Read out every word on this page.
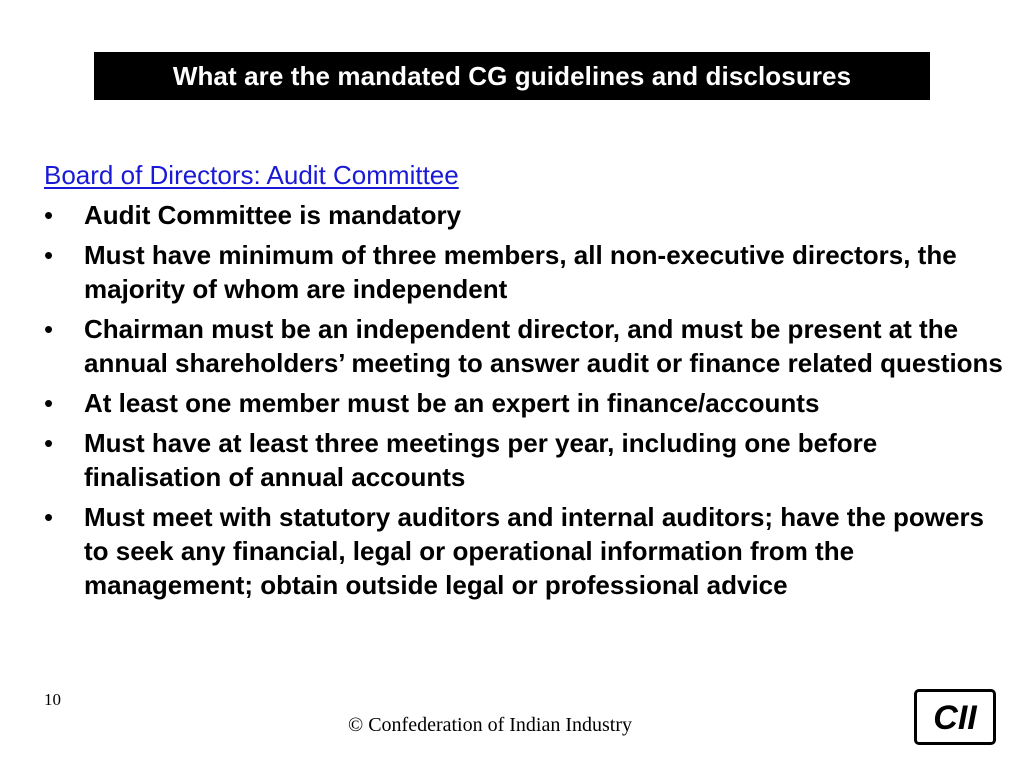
What are the mandated CG guidelines and disclosures
Board of Directors: Audit Committee
•	Audit Committee is mandatory
•	Must have minimum of three members, all non-executive directors, the majority of whom are independent
•	Chairman must be an independent director, and must be present at the annual shareholders’ meeting to answer audit or finance related questions
•	At least one member must be an expert in finance/accounts
•	Must have at least three meetings per year, including one before finalisation of annual accounts
•	Must meet with statutory auditors and internal auditors; have the powers to seek any financial, legal or operational information from the management; obtain outside legal or professional advice
10
© Confederation of Indian Industry	CII
